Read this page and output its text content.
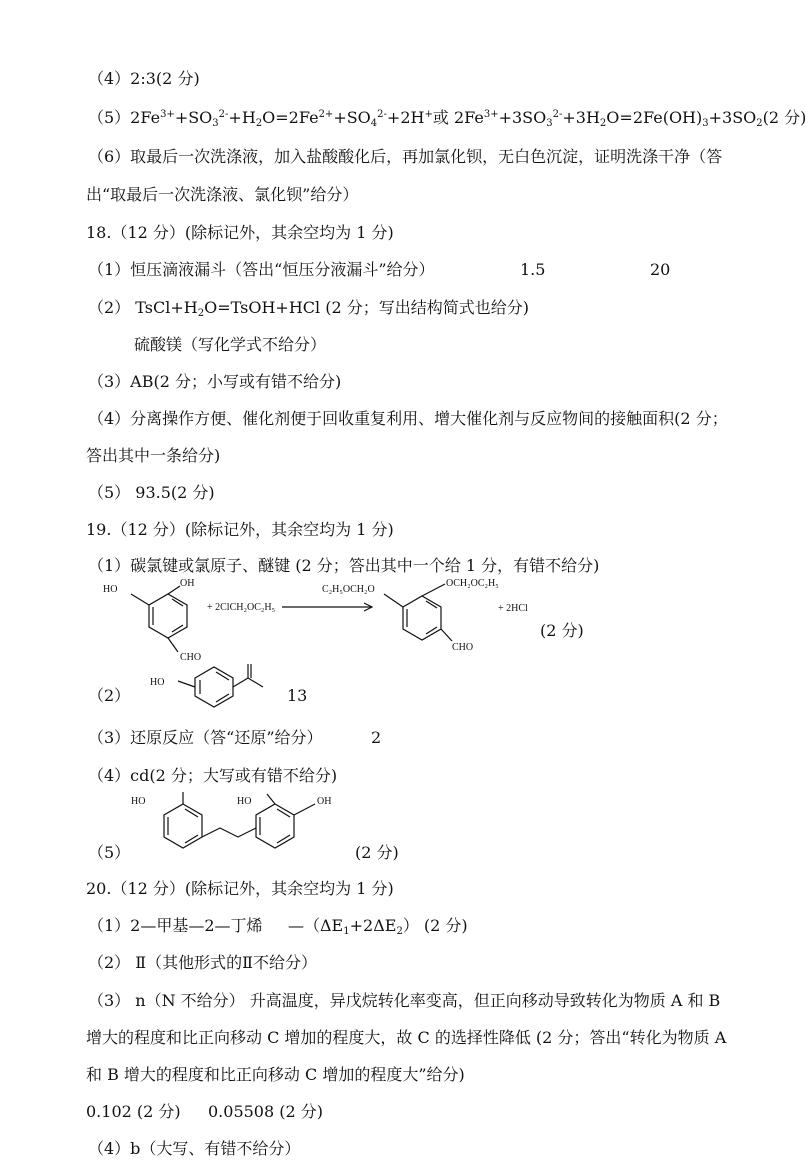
（4）2:3(2 分)
$(5)2Fe^{3+}+SO_3^{2-}+H_2O=2Fe^{2+}+SO_4^{2-}+2H^+$或 $2Fe^{3+}+3SO_3^{2-}+3H_2O=2Fe(OH)_3+3SO_2(2$ 分)
（6）取最后一次洗涤液，加入盐酸酸化后，再加氯化钡，无白色沉淀，证明洗涤干净（答
出“取最后一次洗涤液、氯化钡”给分）
18.（12 分）(除标记外，其余空均为 1 分)
（1）恒压滴液漏斗（答出“恒压分液漏斗”给分）	1.5	20
（2） $TsCl+H_2O=TsOH+HCl$ (2 分；写出结构简式也给分)
硫酸镁（写化学式不给分）
（3）AB(2 分；小写或有错不给分)
（4）分离操作方便、催化剂便于回收重复利用、增大催化剂与反应物间的接触面积(2 分；
答出其中一条给分)
（5） 93.5(2 分)
19.（12 分）(除标记外，其余空均为 1 分)
（1）碳氯键或氯原子、醚键 (2 分；答出其中一个给 1 分，有错不给分)
HO
OH
CHO
+ 2ClCH₂OC₂H₅
C₂H₅OCH₂O
OCH₂OC₂H₅
CHO
+ 2HCl
(2 分)
（2）
HO
13
（3）还原反应（答“还原”给分）	2
（4）cd(2 分；大写或有错不给分)
（5）
HO	HO	OH
(2 分)
20.（12 分）(除标记外，其余空均为 1 分)
（1）2—甲基—2—丁烯 $—(\Delta E_1+2\Delta E_2)$ (2 分)
（2） Ⅱ（其他形式的Ⅱ不给分）
（3） n（N 不给分） 升高温度，异戊烷转化率变高，但正向移动导致转化为物质 A 和 B
增大的程度和比正向移动 C 增加的程度大，故 C 的选择性降低 (2 分；答出“转化为物质 A
和 B 增大的程度和比正向移动 C 增加的程度大”给分)
0.102 (2 分) 0.05508 (2 分)
（4）b（大写、有错不给分）
